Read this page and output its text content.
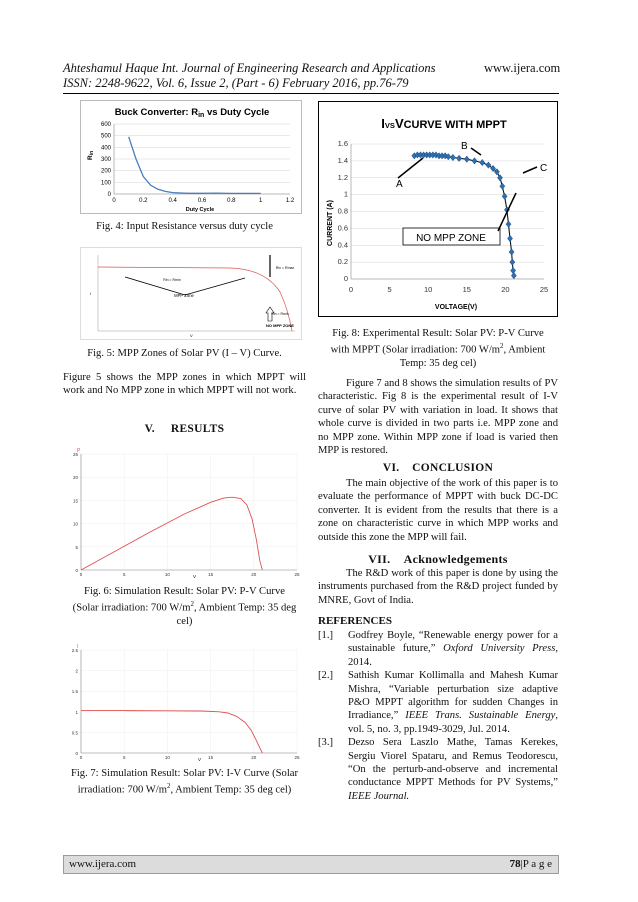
Ahteshamul Haque Int. Journal of Engineering Research and Applications	www.ijera.com
ISSN: 2248-9622, Vol. 6, Issue 2, (Part - 6) February 2016, pp.76-79
Buck Converter: $R_{in}$ vs Duty Cycle
0
100
200
300
400
500
600
0	0.2	0.4	0.6	0.8	1	1.2
Duty Cycle
Rin
Fig. 4: Input Resistance versus duty cycle
MPP Zone
Rin = Rmin
Rin = Rmax
Rin = Rmin
NO MPP ZONE
I
V
Fig. 5: MPP Zones of Solar PV (I – V) Curve.
Figure 5 shows the MPP zones in which MPPT will work and No MPP zone in which MPPT will not work.
V. RESULTS
0
5
10
15
20
25
0	5	10	15	20	25
P
V
Fig. 6: Simulation Result: Solar PV: P-V Curve
(Solar irradiation: 700 $W/m^2$, Ambient Temp: 35 deg
cel)
0
0.5
1
1.5
2
2.5
0	5	10	15	20	25
I
V
Fig. 7: Simulation Result: Solar PV: I-V Curve (Solar
irradiation: 700 $W/m^2$, Ambient Temp: 35 deg cel)
IVSVCURVE WITH MPPT
0
0.2
0.4
0.6
0.8
1
1.2
1.4
1.6
0	5	10	15	20	25
CURRENT (A)
VOLTAGE(V)
A
B
C
NO MPP ZONE
Fig. 8: Experimental Result: Solar PV: P-V Curve
with MPPT (Solar irradiation: 700 $W/m^2$, Ambient
Temp: 35 deg cel)
Figure 7 and 8 shows the simulation results of PV characteristic. Fig 8 is the experimental result of I-V curve of solar PV with variation in load. It shows that whole curve is divided in two parts i.e. MPP zone and no MPP zone. Within MPP zone if load is varied then MPP is restored.
VI. CONCLUSION
The main objective of the work of this paper is to evaluate the performance of MPPT with buck DC-DC converter. It is evident from the results that there is a zone on characteristic curve in which MPP works and outside this zone the MPP will fail.
VII. Acknowledgements
The R&D work of this paper is done by using the instruments purchased from the R&D project funded by MNRE, Govt of India.
REFERENCES
[1.]	Godfrey Boyle, “Renewable energy power for a sustainable future,” Oxford University Press, 2014.
[2.]	Sathish Kumar Kollimalla and Mahesh Kumar Mishra, “Variable perturbation size adaptive P&O MPPT algorithm for sudden Changes in Irradiance,” IEEE Trans. Sustainable Energy, vol. 5, no. 3, pp.1949-3029, Jul. 2014.
[3.]	Dezso Sera Laszlo Mathe, Tamas Kerekes, Sergiu Viorel Spataru, and Remus Teodorescu, “On the perturb-and-observe and incremental conductance MPPT Methods for PV Systems,” IEEE Journal.
www.ijera.com	78|P a g e
